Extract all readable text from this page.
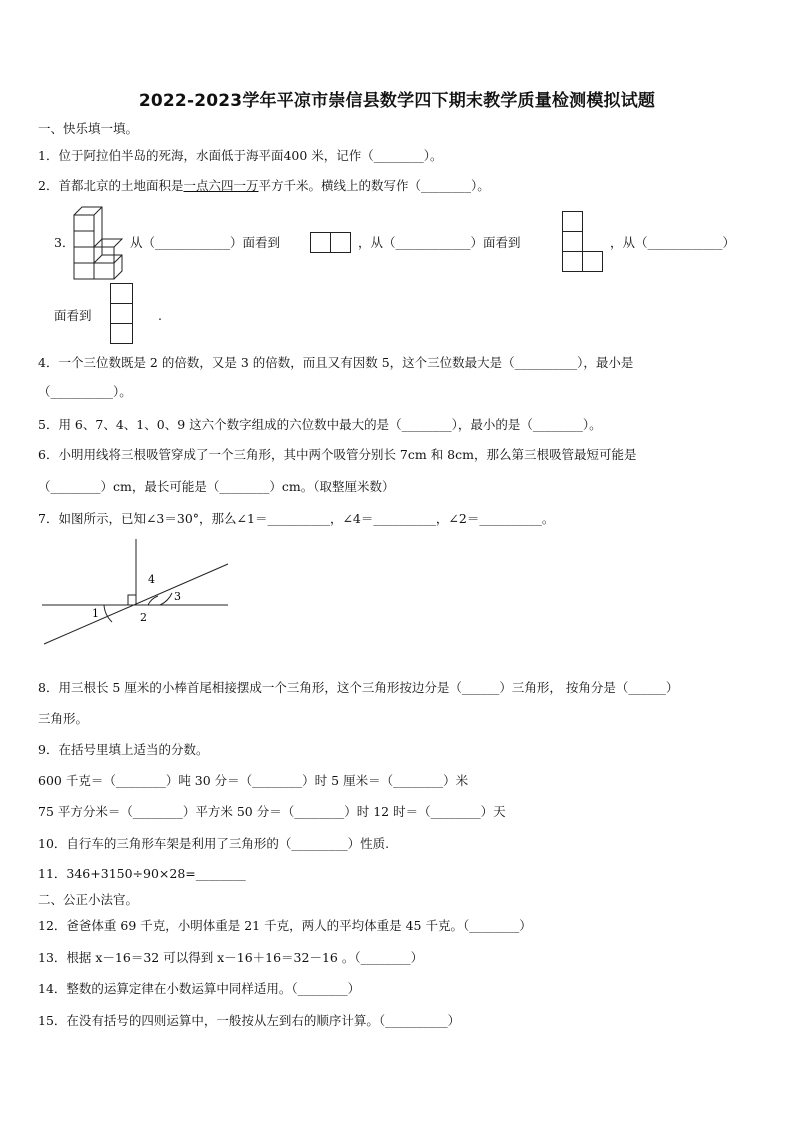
2022-2023学年平凉市崇信县数学四下期末教学质量检测模拟试题
一、快乐填一填。
1．位于阿拉伯半岛的死海，水面低于海平面400 米，记作（________）。
2．首都北京的土地面积是一点六四一万平方千米。横线上的数写作（________）。
3．	从（____________）面看到	，从（____________）面看到	，从（____________）
面看到	.
4．一个三位数既是 2 的倍数，又是 3 的倍数，而且又有因数 5，这个三位数最大是（__________），最小是
（__________）。
5．用 6、7、4、1、0、9 这六个数字组成的六位数中最大的是（________），最小的是（________）。
6．小明用线将三根吸管穿成了一个三角形，其中两个吸管分别长 7cm 和 8cm，那么第三根吸管最短可能是
（________）cm，最长可能是（________）cm。（取整厘米数）
7．如图所示，已知∠3＝30°，那么∠1＝__________，∠4＝__________，∠2＝__________。
4
3
1	2
8．用三根长 5 厘米的小棒首尾相接摆成一个三角形，这个三角形按边分是（______）三角形， 按角分是（______）
三角形。
9．在括号里填上适当的分数。
600 千克＝（________）吨 30 分＝（________）时 5 厘米＝（________）米
75 平方分米＝（________）平方米 50 分＝（________）时 12 时＝（________）天
10．自行车的三角形车架是利用了三角形的（_________）性质.
11．346+3150÷90×28=________
二、公正小法官。
12．爸爸体重 69 千克，小明体重是 21 千克，两人的平均体重是 45 千克。（________）
13．根据 x－16＝32 可以得到 x－16＋16＝32－16 。（________）
14．整数的运算定律在小数运算中同样适用。（________）
15．在没有括号的四则运算中，一般按从左到右的顺序计算。（__________）
